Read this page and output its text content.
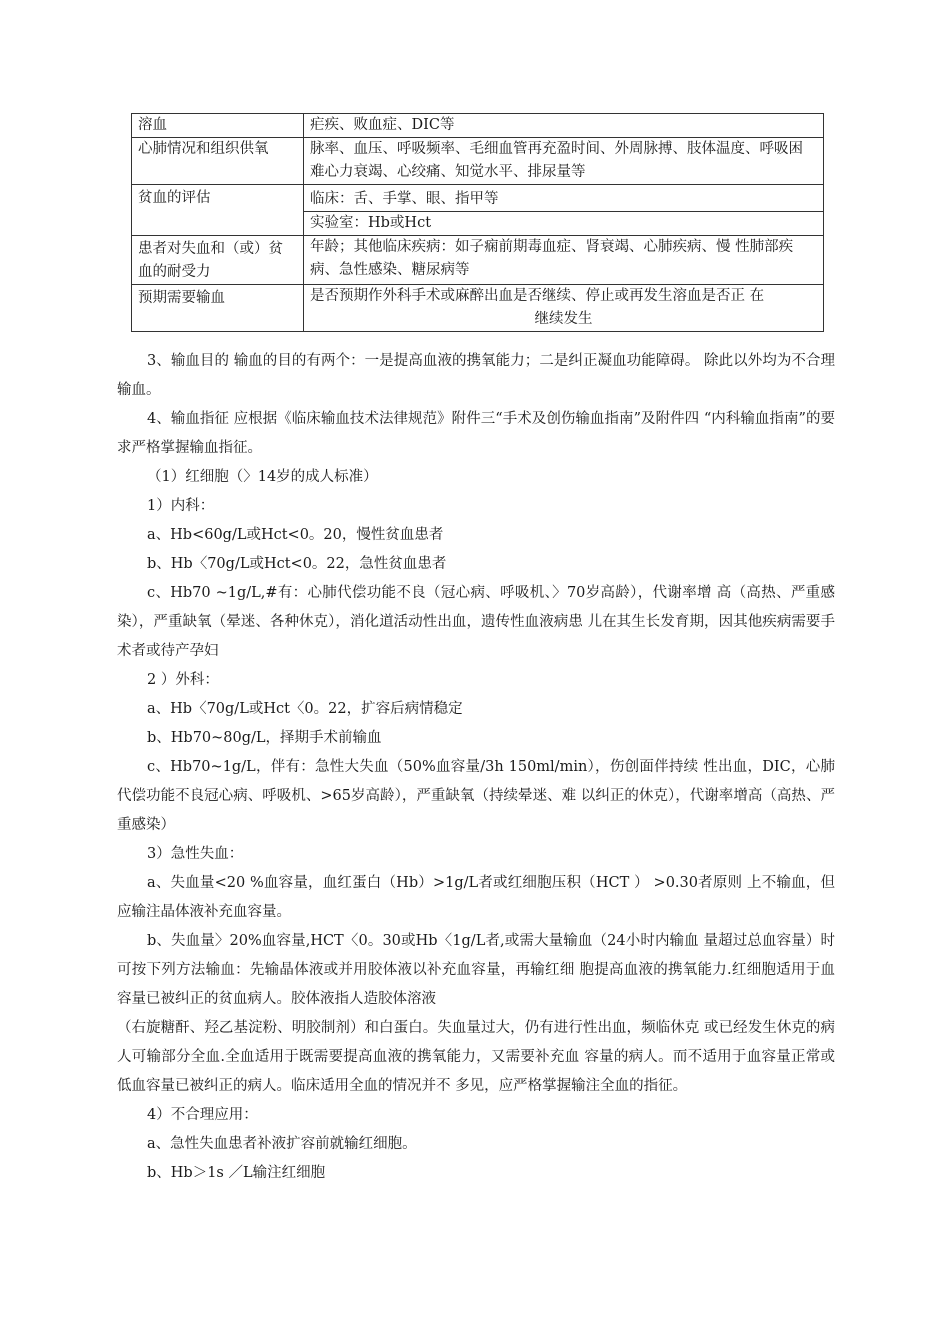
溶血	疟疾、败血症、DIC等
心肺情况和组织供氧	脉率、血压、呼吸频率、毛细血管再充盈时间、外周脉搏、肢体温度、呼吸困难心力衰竭、心绞痛、知觉水平、排尿量等
贫血的评估	临床：舌、手掌、眼、指甲等
	实验室：Hb或Hct
患者对失血和（或）贫血的耐受力	年龄；其他临床疾病：如子痫前期毒血症、肾衰竭、心肺疾病、慢 性肺部疾病、急性感染、糖尿病等
预期需要输血	是否预期作外科手术或麻醉出血是否继续、停止或再发生溶血是否正 在
继续发生

3、输血目的 输血的目的有两个：一是提高血液的携氧能力；二是纠正凝血功能障碍。 除此以外均为不合理输血。

4、输血指征 应根据《临床输血技术法律规范》附件三“手术及创伤输血指南”及附件四 “内科输血指南”的要求严格掌握输血指征。

（1）红细胞（〉14岁的成人标准）

1）内科：

a、Hb<60g/L或Hct<0。20，慢性贫血患者

b、Hb〈70g/L或Hct<0。22，急性贫血患者

c、Hb70 ~1g/L,#有：心肺代偿功能不良（冠心病、呼吸机、〉70岁高龄），代谢率增 高（高热、严重感染），严重缺氧（晕迷、各种休克），消化道活动性出血，遗传性血液病患 儿在其生长发育期，因其他疾病需要手术者或待产孕妇

2 ）外科：

a、Hb〈70g/L或Hct〈0。22，扩容后病情稳定

b、Hb70~80g/L，择期手术前输血

c、Hb70~1g/L，伴有：急性大失血（50%血容量/3h 150ml/min），伤创面伴持续 性出血，DIC，心肺代偿功能不良冠心病、呼吸机、>65岁高龄），严重缺氧（持续晕迷、难 以纠正的休克），代谢率增高（高热、严重感染）

3）急性失血：

a、失血量<20 %血容量，血红蛋白（Hb）>1g/L者或红细胞压积（HCT ） >0.30者原则 上不输血，但应输注晶体液补充血容量。

b、失血量〉20%血容量,HCT〈0。30或Hb〈1g/L者,或需大量输血（24小时内输血 量超过总血容量）时可按下列方法输血：先输晶体液或并用胶体液以补充血容量，再输红细 胞提高血液的携氧能力.红细胞适用于血容量已被纠正的贫血病人。胶体液指人造胶体溶液

（右旋糖酐、羟乙基淀粉、明胶制剂）和白蛋白。失血量过大，仍有进行性出血，频临休克 或已经发生休克的病人可输部分全血.全血适用于既需要提高血液的携氧能力，又需要补充血 容量的病人。而不适用于血容量正常或低血容量已被纠正的病人。临床适用全血的情况并不 多见，应严格掌握输注全血的指征。

4）不合理应用：

a、急性失血患者补液扩容前就输红细胞。

b、Hb＞1s ／L输注红细胞
